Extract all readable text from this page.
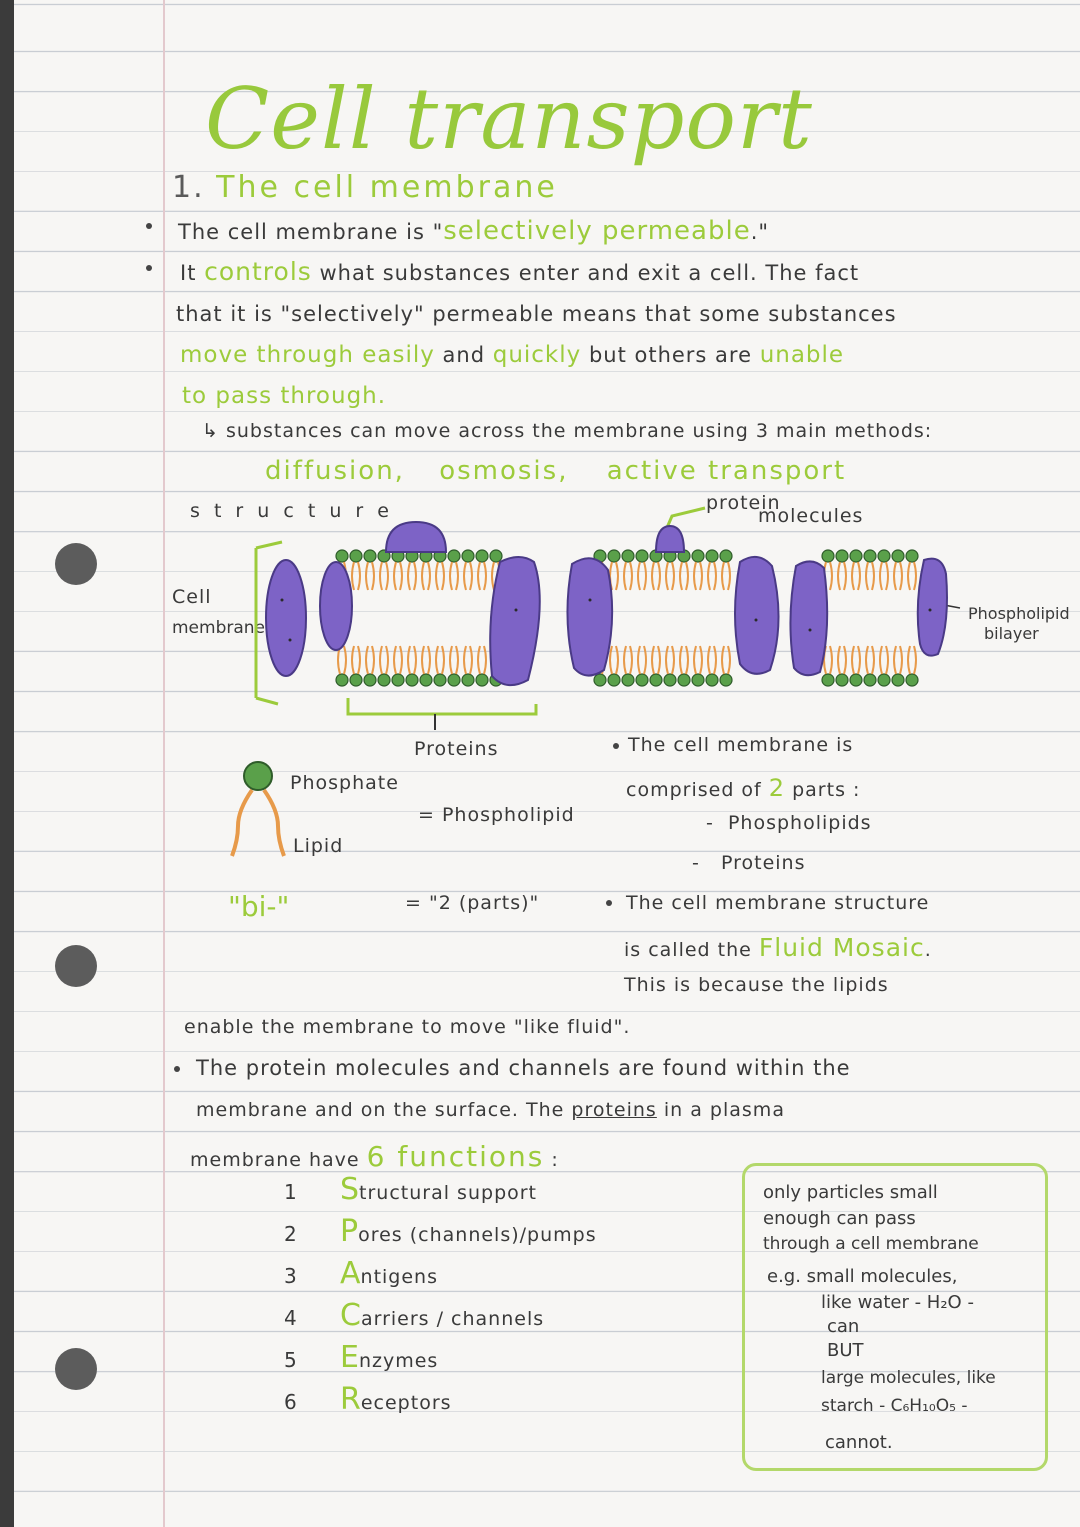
Cell transport
1. The cell membrane
The cell membrane is "selectively permeable."
It controls what substances enter and exit a cell. The fact
that it is "selectively" permeable means that some substances
move through easily and quickly but others are unable
to pass through.
↳ substances can move across the membrane using 3 main methods:
diffusion, osmosis, active transport
s t r u c t u r e	protein
molecules
Cell
membrane
Phospholipid
bilayer
Proteins
Phosphate
Lipid
= Phospholipid
"bi-"	= "2 (parts)"
The cell membrane is
comprised of 2 parts :
- Phospholipids
- Proteins
The cell membrane structure
is called the Fluid Mosaic.
This is because the lipids
enable the membrane to move "like fluid".
The protein molecules and channels are found within the
membrane and on the surface. The proteins in a plasma
membrane have 6 functions :
1 Structural support
2 Pores (channels)/pumps
3 Antigens
4 Carriers / channels
5 Enzymes
6 Receptors
only particles small
enough can pass
through a cell membrane
e.g. small molecules,
like water - H₂O -
can
BUT
large molecules, like
starch - C₆H₁₀O₅ -
cannot.
